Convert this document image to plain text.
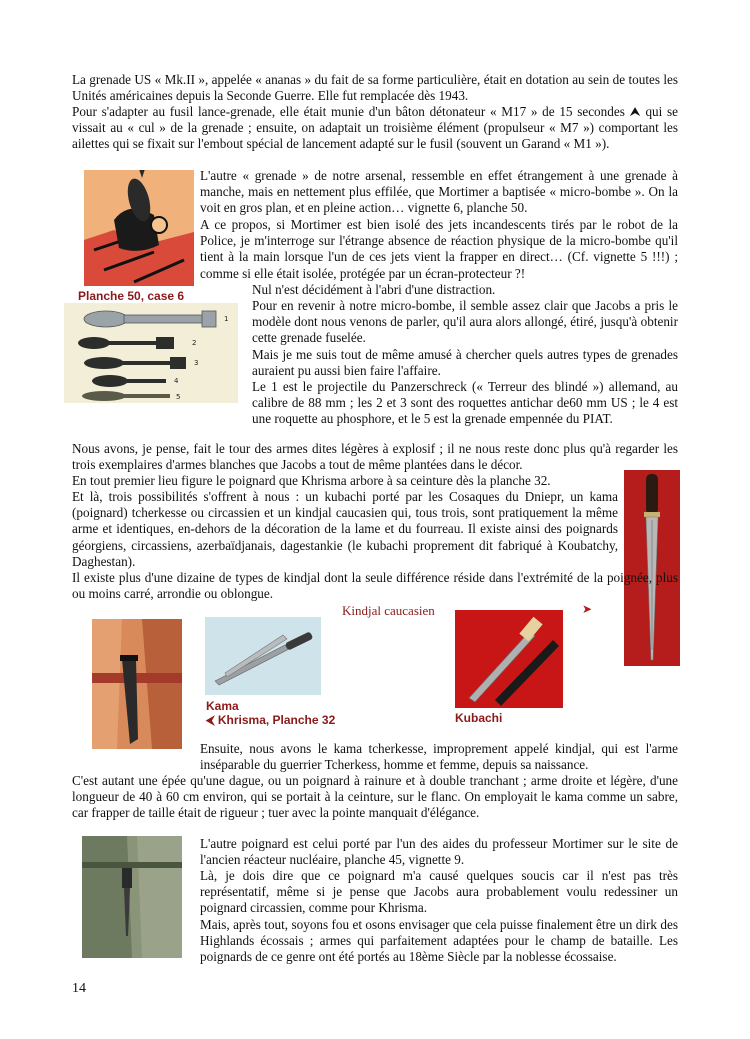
La grenade US « Mk.II », appelée « ananas » du fait de sa forme particulière, était en dotation au sein de toutes les Unités américaines depuis la Seconde Guerre. Elle fut remplacée dès 1943.

Pour s'adapter au fusil lance-grenade, elle était munie d'un bâton détonateur « M17 » de 15 secondes ⮝ qui se vissait au « cul » de la grenade ; ensuite, on adaptait un troisième élément (propulseur « M7 ») comportant les ailettes qui se fixait sur l'embout spécial de lancement adapté sur le fusil (souvent un Garand « M1 »).

Planche 50, case 6

L'autre « grenade » de notre arsenal, ressemble en effet étrangement à une grenade à manche, mais en nettement plus effilée, que Mortimer a baptisée « micro-bombe ». On la voit en gros plan, et en pleine action… vignette 6, planche 50.

A ce propos, si Mortimer est bien isolé des jets incandescents tirés par le robot de la Police, je m'interroge sur l'étrange absence de réaction physique de la micro-bombe qu'il tient à la main lorsque l'un de ces jets vient la frapper en direct… (Cf. vignette 5 !!!) ; comme si elle était isolée, protégée par un écran-protecteur ?!

1
2
3
4
5

Nul n'est décidément à l'abri d'une distraction.

Pour en revenir à notre micro-bombe, il semble assez clair que Jacobs a pris le modèle dont nous venons de parler, qu'il aura alors allongé, étiré, jusqu'à obtenir cette grenade fuselée.

Mais je me suis tout de même amusé à chercher quels autres types de grenades auraient pu aussi bien faire l'affaire.

Le 1 est le projectile du Panzerschreck (« Terreur des blindé ») allemand, au calibre de 88 mm ; les 2 et 3 sont des roquettes antichar de60 mm US ; le 4 est une roquette au phosphore, et le 5 est la grenade empennée du PIAT.

Nous avons, je pense, fait le tour des armes dites légères à explosif ; il ne nous reste donc plus qu'à regarder les trois exemplaires d'armes blanches que Jacobs a tout de même plantées dans le décor.

En tout premier lieu figure le poignard que Khrisma arbore à sa ceinture dès la planche 32.

Et là, trois possibilités s'offrent à nous : un kubachi porté par les Cosaques du Dniepr, un kama (poignard) tcherkesse ou circassien et un kindjal caucasien qui, tous trois, sont pratiquement la même arme et identiques, en-dehors de la décoration de la lame et du fourreau. Il existe ainsi des poignards géorgiens, circassiens, azerbaïdjanais, dagestankie (le kubachi proprement dit fabriqué à Koubatchy, Daghestan).

Il existe plus d'une dizaine de types de kindjal dont la seule différence réside dans l'extrémité de la poignée, plus ou moins carré, arrondie ou oblongue.

Kindjal caucasien	➤
Kama
⮜ Khrisma, Planche 32	Kubachi

Ensuite, nous avons le kama tcherkesse, improprement appelé kindjal, qui est l'arme inséparable du guerrier Tcherkess, homme et femme, depuis sa naissance.

C'est autant une épée qu'une dague, ou un poignard à rainure et à double tranchant ; arme droite et légère, d'une longueur de 40 à 60 cm environ, qui se portait à la ceinture, sur le flanc. On employait le kama comme un sabre, car frapper de taille était de rigueur ; tuer avec la pointe manquait d'élégance.

L'autre poignard est celui porté par l'un des aides du professeur Mortimer sur le site de l'ancien réacteur nucléaire, planche 45, vignette 9.

Là, je dois dire que ce poignard m'a causé quelques soucis car il n'est pas très représentatif, même si je pense que Jacobs aura probablement voulu redessiner un poignard circassien, comme pour Khrisma.

Mais, après tout, soyons fou et osons envisager que cela puisse finalement être un dirk des Highlands écossais ; armes qui parfaitement adaptées pour le champ de bataille. Les poignards de ce genre ont été portés au 18ème Siècle par la noblesse écossaise.

14
